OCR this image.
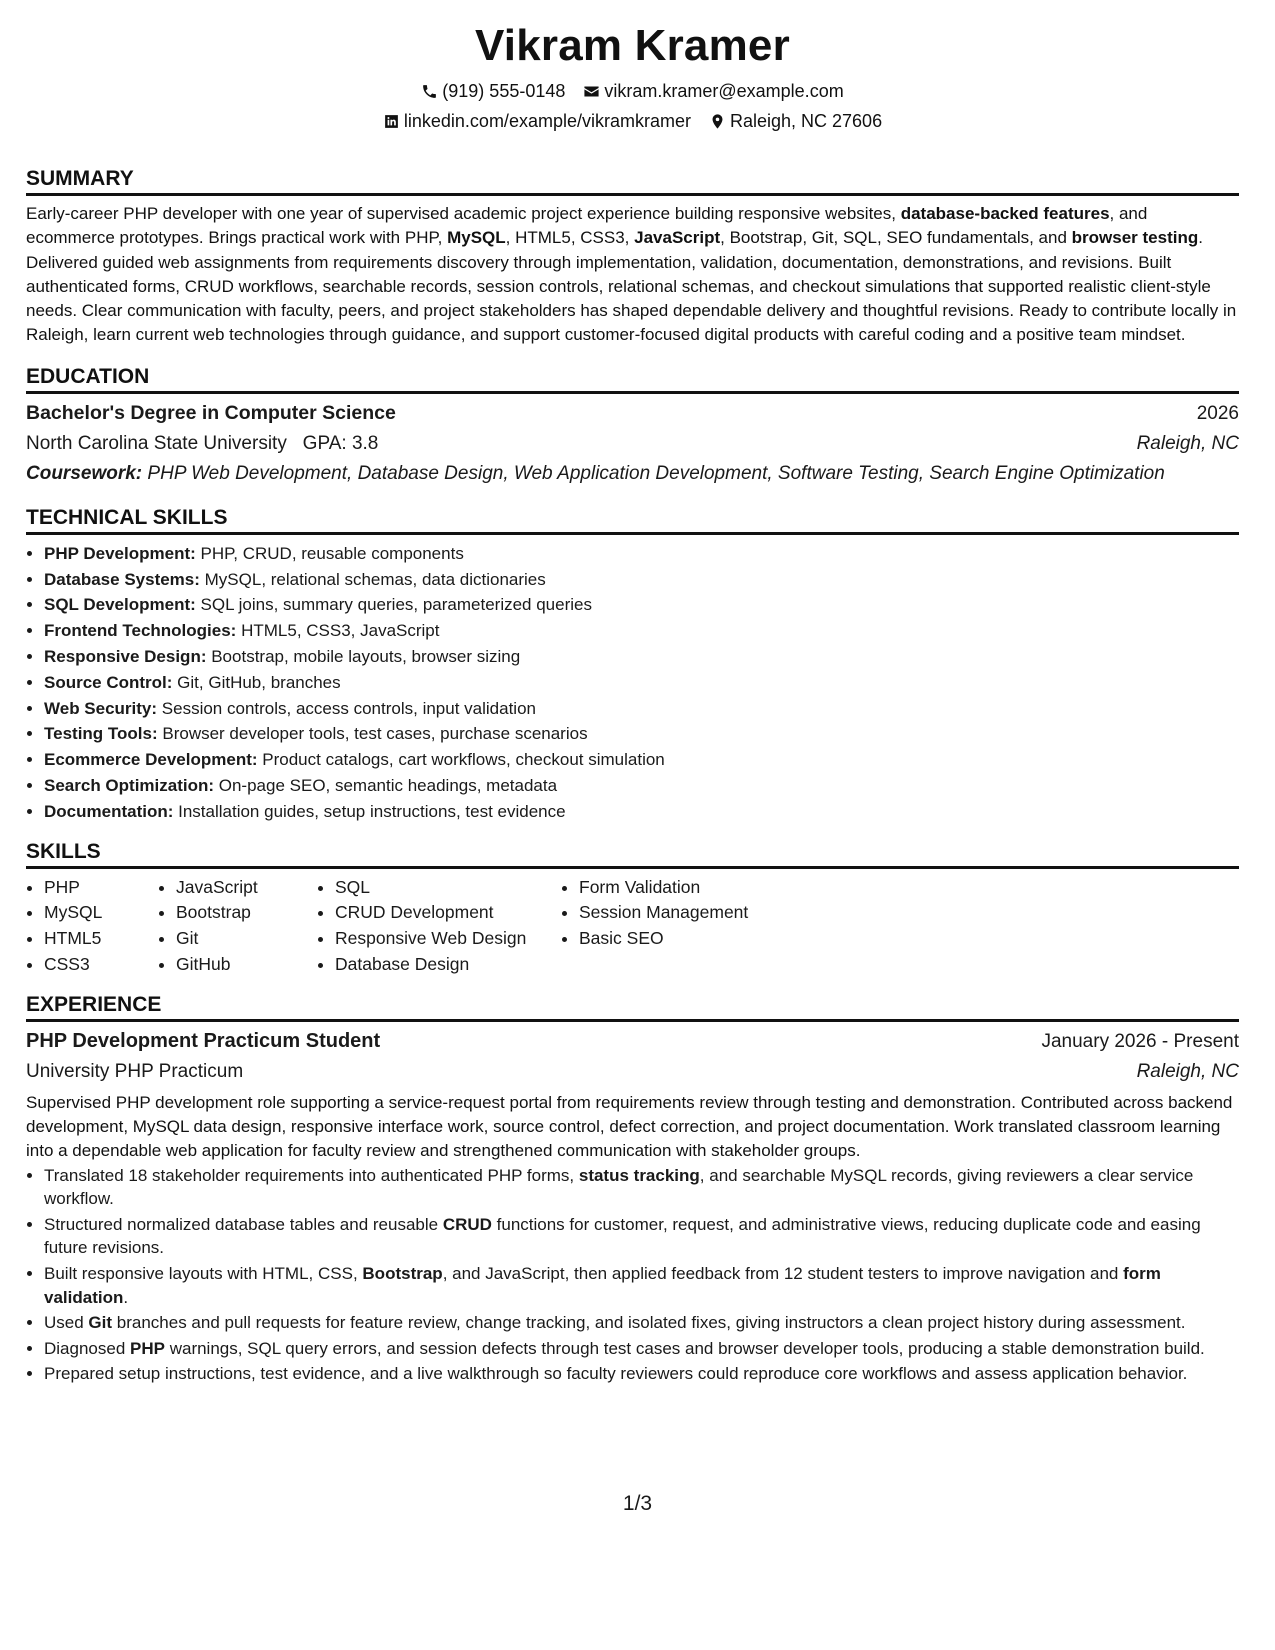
Vikram Kramer
(919) 555-0148 vikram.kramer@example.com
linkedin.com/example/vikramkramer Raleigh, NC 27606
SUMMARY

Early-career PHP developer with one year of supervised academic project experience building responsive websites, database-backed features, and ecommerce prototypes. Brings practical work with PHP, MySQL, HTML5, CSS3, JavaScript, Bootstrap, Git, SQL, SEO fundamentals, and browser testing. Delivered guided web assignments from requirements discovery through implementation, validation, documentation, demonstrations, and revisions. Built authenticated forms, CRUD workflows, searchable records, session controls, relational schemas, and checkout simulations that supported realistic client-style needs. Clear communication with faculty, peers, and project stakeholders has shaped dependable delivery and thoughtful revisions. Ready to contribute locally in Raleigh, learn current web technologies through guidance, and support customer-focused digital products with careful coding and a positive team mindset.

EDUCATION
Bachelor's Degree in Computer Science	2026
North Carolina State University GPA: 3.8	Raleigh, NC
Coursework: PHP Web Development, Database Design, Web Application Development, Software Testing, Search Engine Optimization
TECHNICAL SKILLS
• PHP Development: PHP, CRUD, reusable components
• Database Systems: MySQL, relational schemas, data dictionaries
• SQL Development: SQL joins, summary queries, parameterized queries
• Frontend Technologies: HTML5, CSS3, JavaScript
• Responsive Design: Bootstrap, mobile layouts, browser sizing
• Source Control: Git, GitHub, branches
• Web Security: Session controls, access controls, input validation
• Testing Tools: Browser developer tools, test cases, purchase scenarios
• Ecommerce Development: Product catalogs, cart workflows, checkout simulation
• Search Optimization: On-page SEO, semantic headings, metadata
• Documentation: Installation guides, setup instructions, test evidence
SKILLS
• PHP
• MySQL
• HTML5
• CSS3
• JavaScript
• Bootstrap
• Git
• GitHub
• SQL
• CRUD Development
• Responsive Web Design
• Database Design
• Form Validation
• Session Management
• Basic SEO
EXPERIENCE
PHP Development Practicum Student	January 2026 - Present
University PHP Practicum	Raleigh, NC

Supervised PHP development role supporting a service-request portal from requirements review through testing and demonstration. Contributed across backend development, MySQL data design, responsive interface work, source control, defect correction, and project documentation. Work translated classroom learning into a dependable web application for faculty review and strengthened communication with stakeholder groups.

• Translated 18 stakeholder requirements into authenticated PHP forms, status tracking, and searchable MySQL records, giving reviewers a clear service workflow.
• Structured normalized database tables and reusable CRUD functions for customer, request, and administrative views, reducing duplicate code and easing future revisions.
• Built responsive layouts with HTML, CSS, Bootstrap, and JavaScript, then applied feedback from 12 student testers to improve navigation and form validation.
• Used Git branches and pull requests for feature review, change tracking, and isolated fixes, giving instructors a clean project history during assessment.
• Diagnosed PHP warnings, SQL query errors, and session defects through test cases and browser developer tools, producing a stable demonstration build.
• Prepared setup instructions, test evidence, and a live walkthrough so faculty reviewers could reproduce core workflows and assess application behavior.
1/3
